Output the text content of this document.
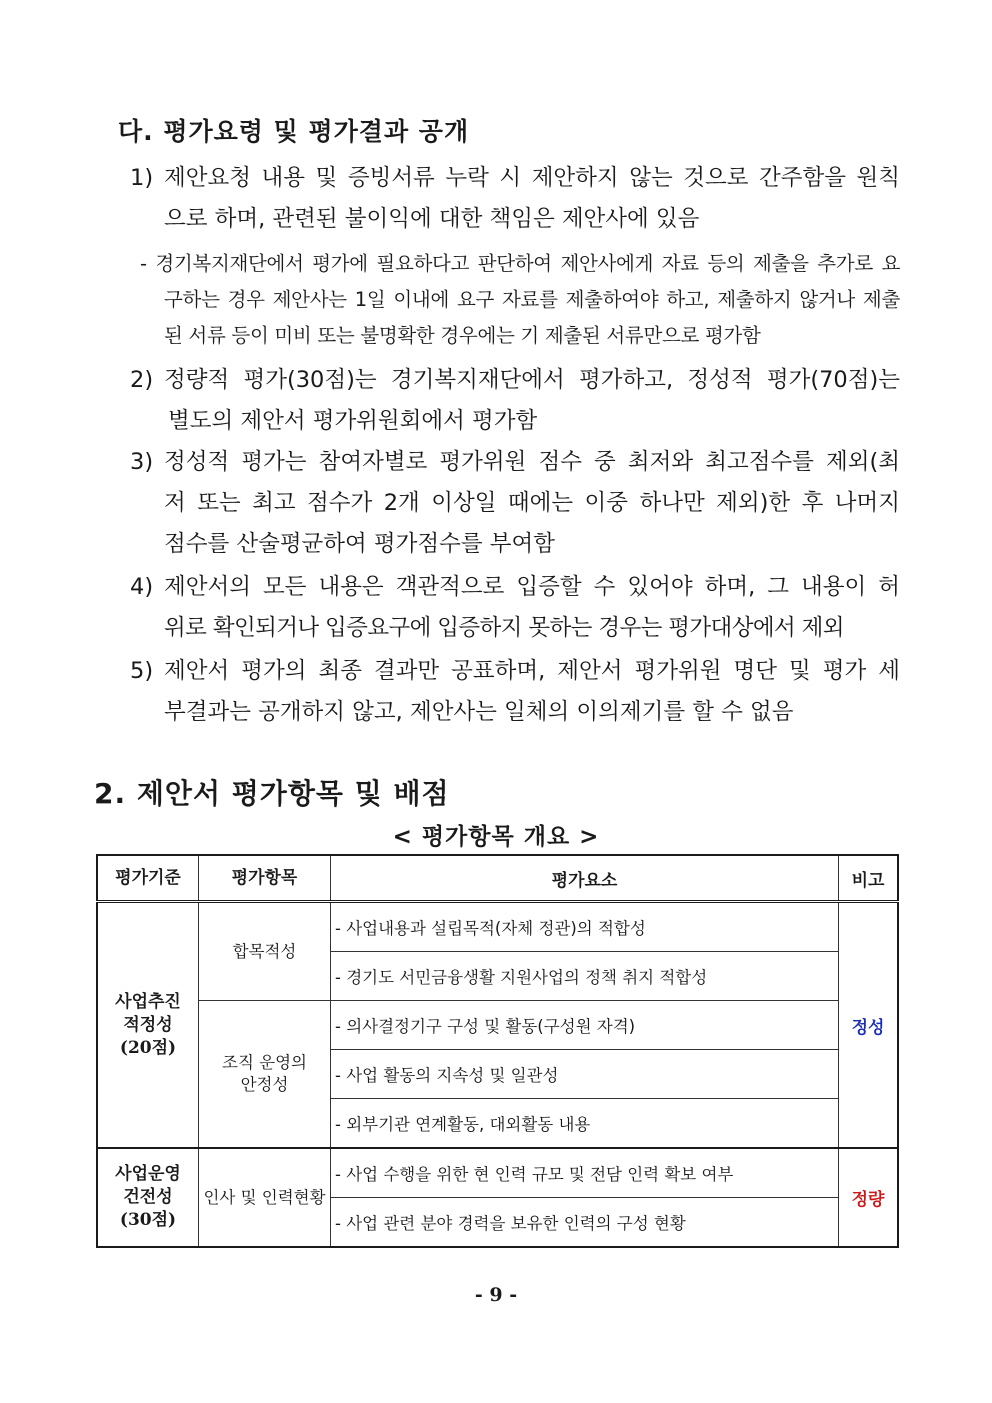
다. 평가요령 및 평가결과 공개
1) 제안요청 내용 및 증빙서류 누락 시 제안하지 않는 것으로 간주함을 원칙
으로 하며, 관련된 불이익에 대한 책임은 제안사에 있음
- 경기복지재단에서 평가에 필요하다고 판단하여 제안사에게 자료 등의 제출을 추가로 요
구하는 경우 제안사는 1일 이내에 요구 자료를 제출하여야 하고, 제출하지 않거나 제출
된 서류 등이 미비 또는 불명확한 경우에는 기 제출된 서류만으로 평가함
2) 정량적 평가(30점)는 경기복지재단에서 평가하고, 정성적 평가(70점)는
별도의 제안서 평가위원회에서 평가함
3) 정성적 평가는 참여자별로 평가위원 점수 중 최저와 최고점수를 제외(최
저 또는 최고 점수가 2개 이상일 때에는 이중 하나만 제외)한 후 나머지
점수를 산술평균하여 평가점수를 부여함
4) 제안서의 모든 내용은 객관적으로 입증할 수 있어야 하며, 그 내용이 허
위로 확인되거나 입증요구에 입증하지 못하는 경우는 평가대상에서 제외
5) 제안서 평가의 최종 결과만 공표하며, 제안서 평가위원 명단 및 평가 세
부결과는 공개하지 않고, 제안사는 일체의 이의제기를 할 수 없음
2. 제안서 평가항목 및 배점
< 평가항목 개요 >
평가기준	평가항목	평가요소	비고

사업추진
적정성
(20점)	합목적성	- 사업내용과 설립목적(자체 정관)의 적합성	정성
		- 경기도 서민금융생활 지원사업의 정책 취지 적합성	

	조직 운영의
안정성	- 의사결정기구 구성 및 활동(구성원 자격)	
		- 사업 활동의 지속성 및 일관성	
		- 외부기관 연계활동, 대외활동 내용	

사업운영
건전성
(30점)	인사 및 인력현황	- 사업 수행을 위한 현 인력 규모 및 전담 인력 확보 여부	정량
		- 사업 관련 분야 경력을 보유한 인력의 구성 현황	
- 9 -
